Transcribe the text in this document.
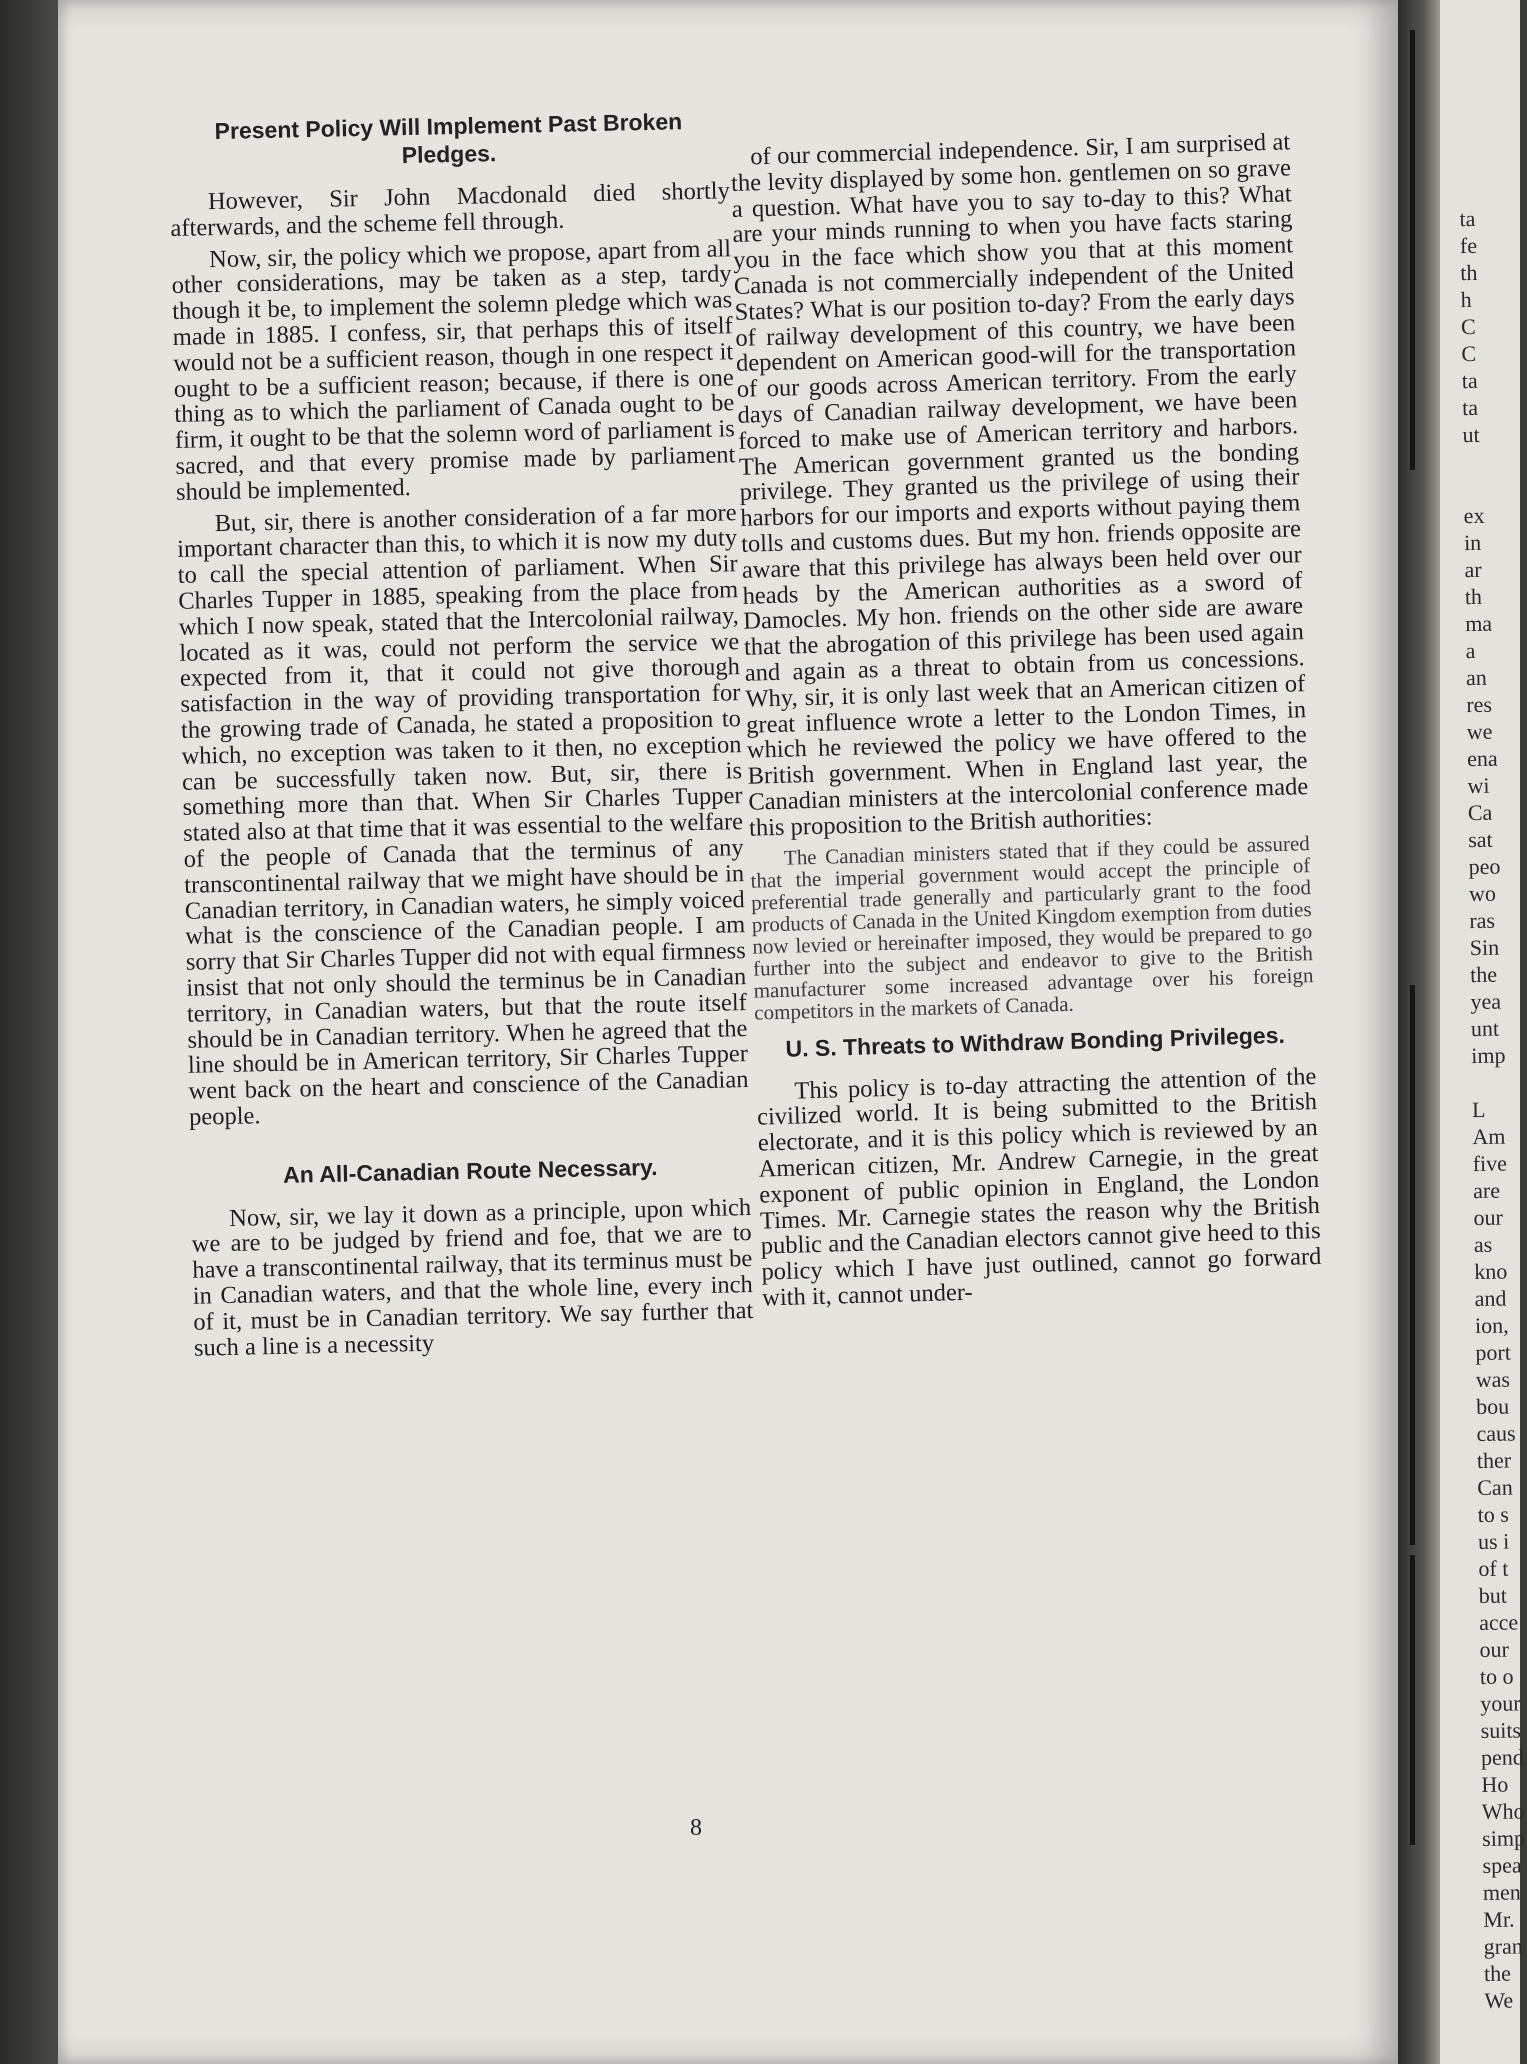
Present Policy Will Implement Past Broken Pledges.

However, Sir John Macdonald died shortly afterwards, and the scheme fell through.

Now, sir, the policy which we propose, apart from all other considerations, may be taken as a step, tardy though it be, to implement the solemn pledge which was made in 1885. I confess, sir, that perhaps this of itself would not be a sufficient reason, though in one respect it ought to be a sufficient reason; because, if there is one thing as to which the parliament of Canada ought to be firm, it ought to be that the solemn word of parliament is sacred, and that every promise made by parliament should be implemented.

But, sir, there is another consideration of a far more important character than this, to which it is now my duty to call the special attention of parliament. When Sir Charles Tupper in 1885, speaking from the place from which I now speak, stated that the Intercolonial railway, located as it was, could not perform the service we expected from it, that it could not give thorough satisfaction in the way of providing transportation for the growing trade of Canada, he stated a proposition to which, no exception was taken to it then, no exception can be successfully taken now. But, sir, there is something more than that. When Sir Charles Tupper stated also at that time that it was essential to the welfare of the people of Canada that the terminus of any transcontinental railway that we might have should be in Canadian territory, in Canadian waters, he simply voiced what is the conscience of the Canadian people. I am sorry that Sir Charles Tupper did not with equal firmness insist that not only should the terminus be in Canadian territory, in Canadian waters, but that the route itself should be in Canadian territory. When he agreed that the line should be in American territory, Sir Charles Tupper went back on the heart and conscience of the Canadian people.

An All-Canadian Route Necessary.

Now, sir, we lay it down as a principle, upon which we are to be judged by friend and foe, that we are to have a transcontinental railway, that its terminus must be in Canadian waters, and that the whole line, every inch of it, must be in Canadian territory. We say further that such a line is a necessity

of our commercial independence. Sir, I am surprised at the levity displayed by some hon. gentlemen on so grave a question. What have you to say to-day to this? What are your minds running to when you have facts staring you in the face which show you that at this moment Canada is not commercially independent of the United States? What is our position to-day? From the early days of railway development of this country, we have been dependent on American good-will for the transportation of our goods across American territory. From the early days of Canadian railway development, we have been forced to make use of American territory and harbors. The American government granted us the bonding privilege. They granted us the privilege of using their harbors for our imports and exports without paying them tolls and customs dues. But my hon. friends opposite are aware that this privilege has always been held over our heads by the American authorities as a sword of Damocles. My hon. friends on the other side are aware that the abrogation of this privilege has been used again and again as a threat to obtain from us concessions. Why, sir, it is only last week that an American citizen of great influence wrote a letter to the London Times, in which he reviewed the policy we have offered to the British government. When in England last year, the Canadian ministers at the intercolonial conference made this proposition to the British authorities:

The Canadian ministers stated that if they could be assured that the imperial government would accept the principle of preferential trade generally and particularly grant to the food products of Canada in the United Kingdom exemption from duties now levied or hereinafter imposed, they would be prepared to go further into the subject and endeavor to give to the British manufacturer some increased advantage over his foreign competitors in the markets of Canada.

U. S. Threats to Withdraw Bonding Privileges.

This policy is to-day attracting the attention of the civilized world. It is being submitted to the British electorate, and it is this policy which is reviewed by an American citizen, Mr. Andrew Carnegie, in the great exponent of public opinion in England, the London Times. Mr. Carnegie states the reason why the British public and the Canadian electors cannot give heed to this policy which I have just outlined, cannot go forward with it, cannot under-

8
ta
fe
th
h
C
C
ta
ta
ut

ex
in
ar
th
ma
a
an
res
we
ena
wi
Ca
sat
peo
wo
ras
Sin
the
yea
unt
imp

L
Am
five
are
our
as
kno
and
ion,
port
was
bou
caus
ther
Can
to s
us i
of t
but
acce
our
to o
your
suits
pend
Ho
Who
simp
spea
men
Mr.
gran
the
We
